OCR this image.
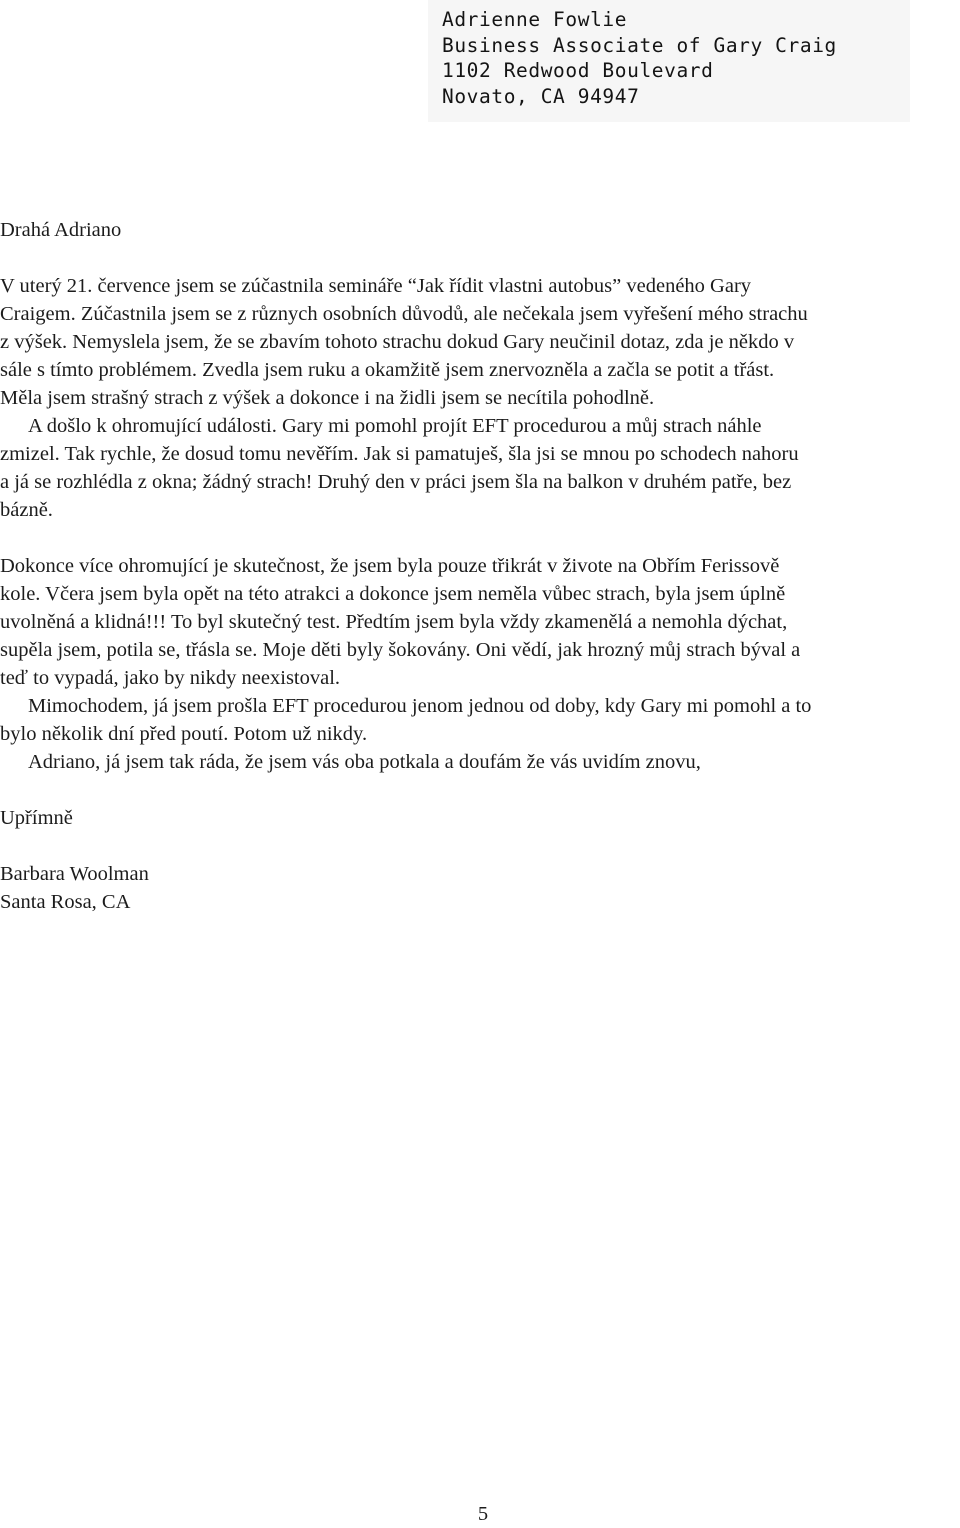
Adrienne Fowlie
Business Associate of Gary Craig
1102 Redwood Boulevard
Novato, CA 94947
Drahá Adriano
V uterý 21. července jsem se zúčastnila semináře “Jak řídit vlastni autobus” vedeného Gary
Craigem. Zúčastnila jsem se z různych osobních důvodů, ale nečekala jsem vyřešení mého strachu
z výšek. Nemyslela jsem, že se zbavím tohoto strachu dokud Gary neučinil dotaz, zda je někdo v
sále s tímto problémem. Zvedla jsem ruku a okamžitě jsem znervozněla a začla se potit a třást.
Měla jsem strašný strach z výšek a dokonce i na židli jsem se necítila pohodlně.
A došlo k ohromující události. Gary mi pomohl projít EFT procedurou a můj strach náhle
zmizel. Tak rychle, že dosud tomu nevěřím. Jak si pamatuješ, šla jsi se mnou po schodech nahoru
a já se rozhlédla z okna; žádný strach! Druhý den v práci jsem šla na balkon v druhém patře, bez
bázně.
Dokonce více ohromující je skutečnost, že jsem byla pouze třikrát v živote na Obřím Ferissově
kole. Včera jsem byla opět na této atrakci a dokonce jsem neměla vůbec strach, byla jsem úplně
uvolněná a klidná!!! To byl skutečný test. Předtím jsem byla vždy zkamenělá a nemohla dýchat,
supěla jsem, potila se, třásla se. Moje děti byly šokovány. Oni vědí, jak hrozný můj strach býval a
teď to vypadá, jako by nikdy neexistoval.
Mimochodem, já jsem prošla EFT procedurou jenom jednou od doby, kdy Gary mi pomohl a to
bylo několik dní před poutí. Potom už nikdy.
Adriano, já jsem tak ráda, že jsem vás oba potkala a doufám že vás uvidím znovu,
Upřímně
Barbara Woolman
Santa Rosa, CA
5
